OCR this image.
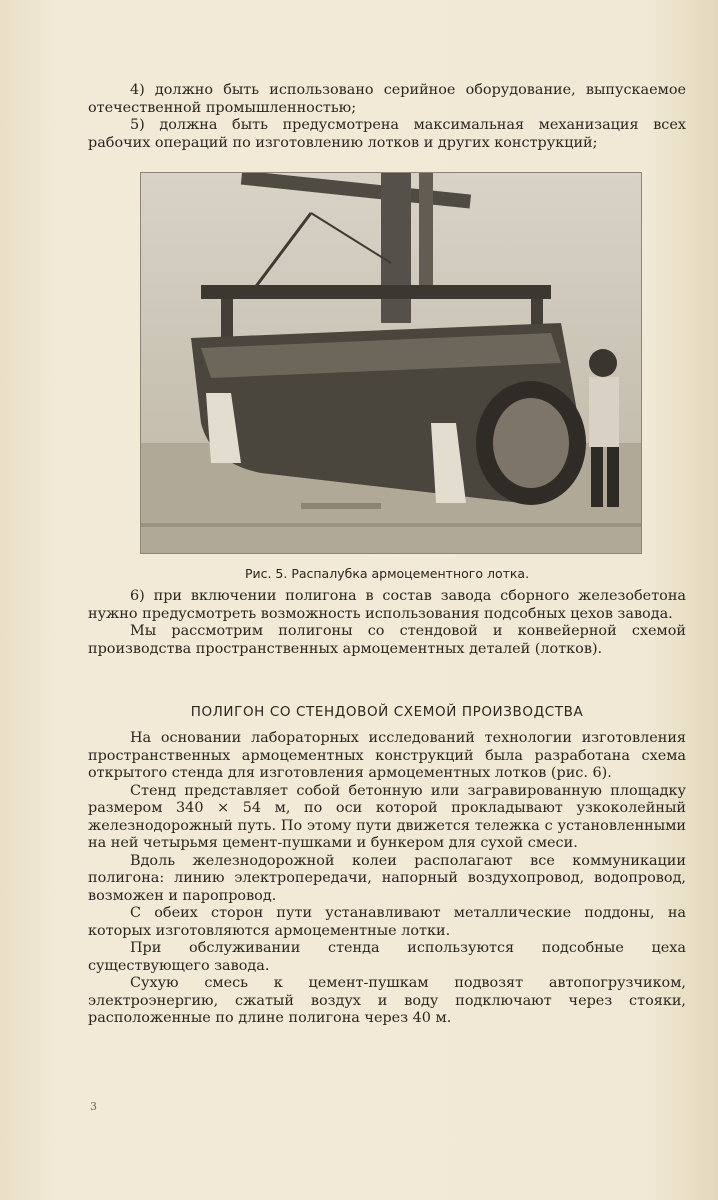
4) должно быть использовано серийное оборудование, выпускаемое отечественной промышленностью;

5) должна быть предусмотрена максимальная механизация всех рабочих операций по изготовлению лотков и других конструкций;

Рис. 5. Распалубка армоцементного лотка.

6) при включении полигона в состав завода сборного железобетона нужно предусмотреть возможность использования подсобных цехов завода.

Мы рассмотрим полигоны со стендовой и конвейерной схемой производства пространственных армоцементных деталей (лотков).

ПОЛИГОН СО СТЕНДОВОЙ СХЕМОЙ ПРОИЗВОДСТВА

На основании лабораторных исследований технологии изготовления пространственных армоцементных конструкций была разработана схема открытого стенда для изготовления армоцементных лотков (рис. 6).

Стенд представляет собой бетонную или загравированную площадку размером 340 × 54 м, по оси которой прокладывают узкоколейный железнодорожный путь. По этому пути движется тележка с установленными на ней четырьмя цемент-пушками и бункером для сухой смеси.

Вдоль железнодорожной колеи располагают все коммуникации полигона: линию электропередачи, напорный воздухопровод, водопровод, возможен и паропровод.

С обеих сторон пути устанавливают металлические поддоны, на которых изготовляются армоцементные лотки.

При обслуживании стенда используются подсобные цеха существующего завода.

Сухую смесь к цемент-пушкам подвозят автопогрузчиком, электроэнергию, сжатый воздух и воду подключают через стояки, расположенные по длине полигона через 40 м.

3
